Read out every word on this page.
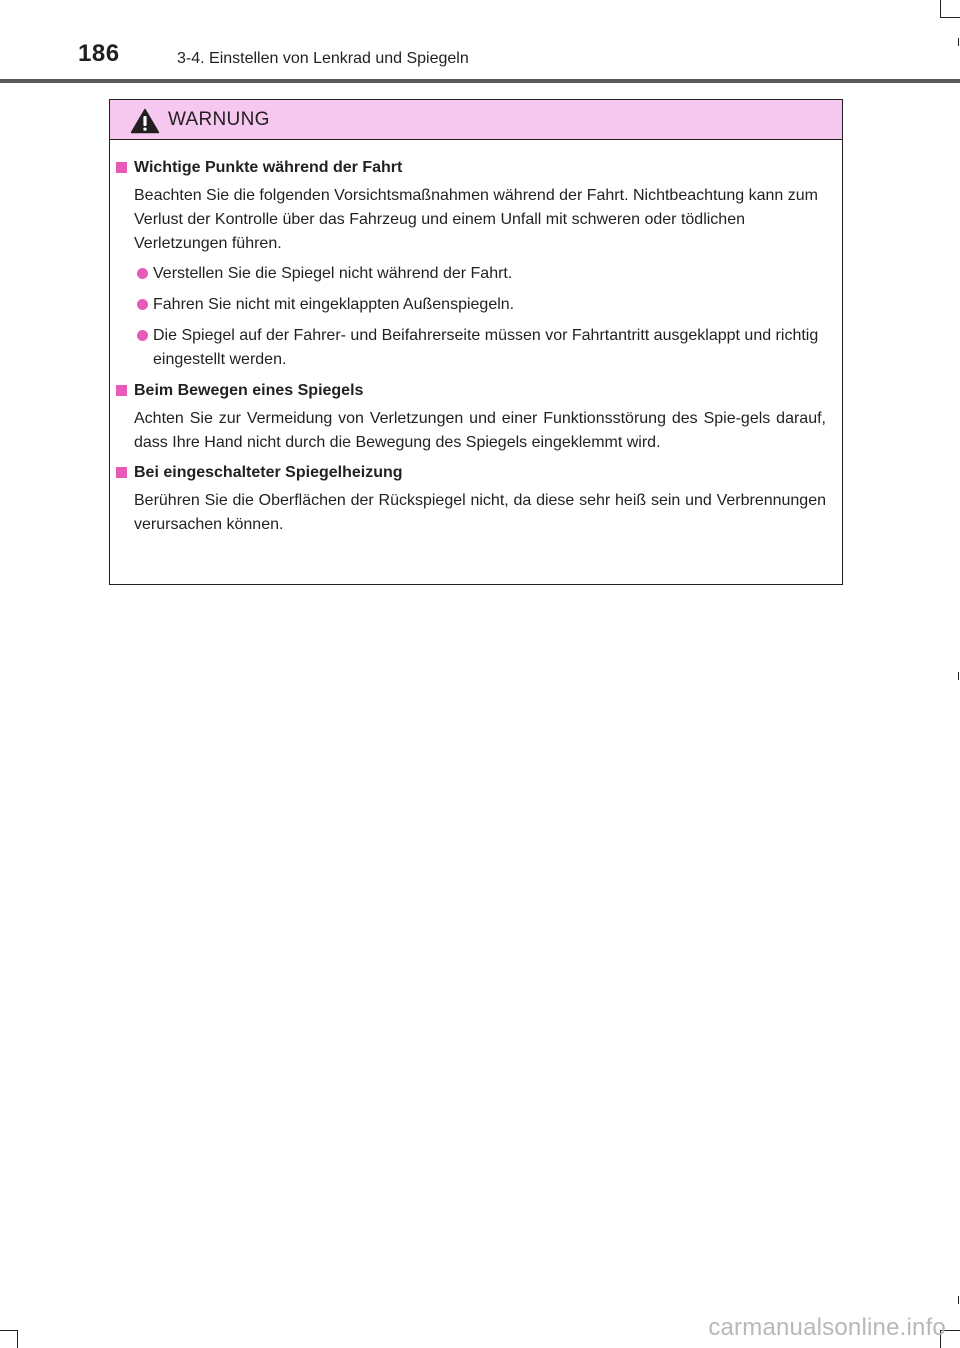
186	3-4. Einstellen von Lenkrad und Spiegeln
WARNUNG
Wichtige Punkte während der Fahrt
Beachten Sie die folgenden Vorsichtsmaßnahmen während der Fahrt. Nichtbeachtung kann zum Verlust der Kontrolle über das Fahrzeug und einem Unfall mit schweren oder tödlichen Verletzungen führen.
Verstellen Sie die Spiegel nicht während der Fahrt.
Fahren Sie nicht mit eingeklappten Außenspiegeln.
Die Spiegel auf der Fahrer- und Beifahrerseite müssen vor Fahrtantritt ausgeklappt und richtig eingestellt werden.
Beim Bewegen eines Spiegels
Achten Sie zur Vermeidung von Verletzungen und einer Funktionsstörung des Spie-gels darauf, dass Ihre Hand nicht durch die Bewegung des Spiegels eingeklemmt wird.
Bei eingeschalteter Spiegelheizung
Berühren Sie die Oberflächen der Rückspiegel nicht, da diese sehr heiß sein und Verbrennungen verursachen können.
carmanualsonline.info
